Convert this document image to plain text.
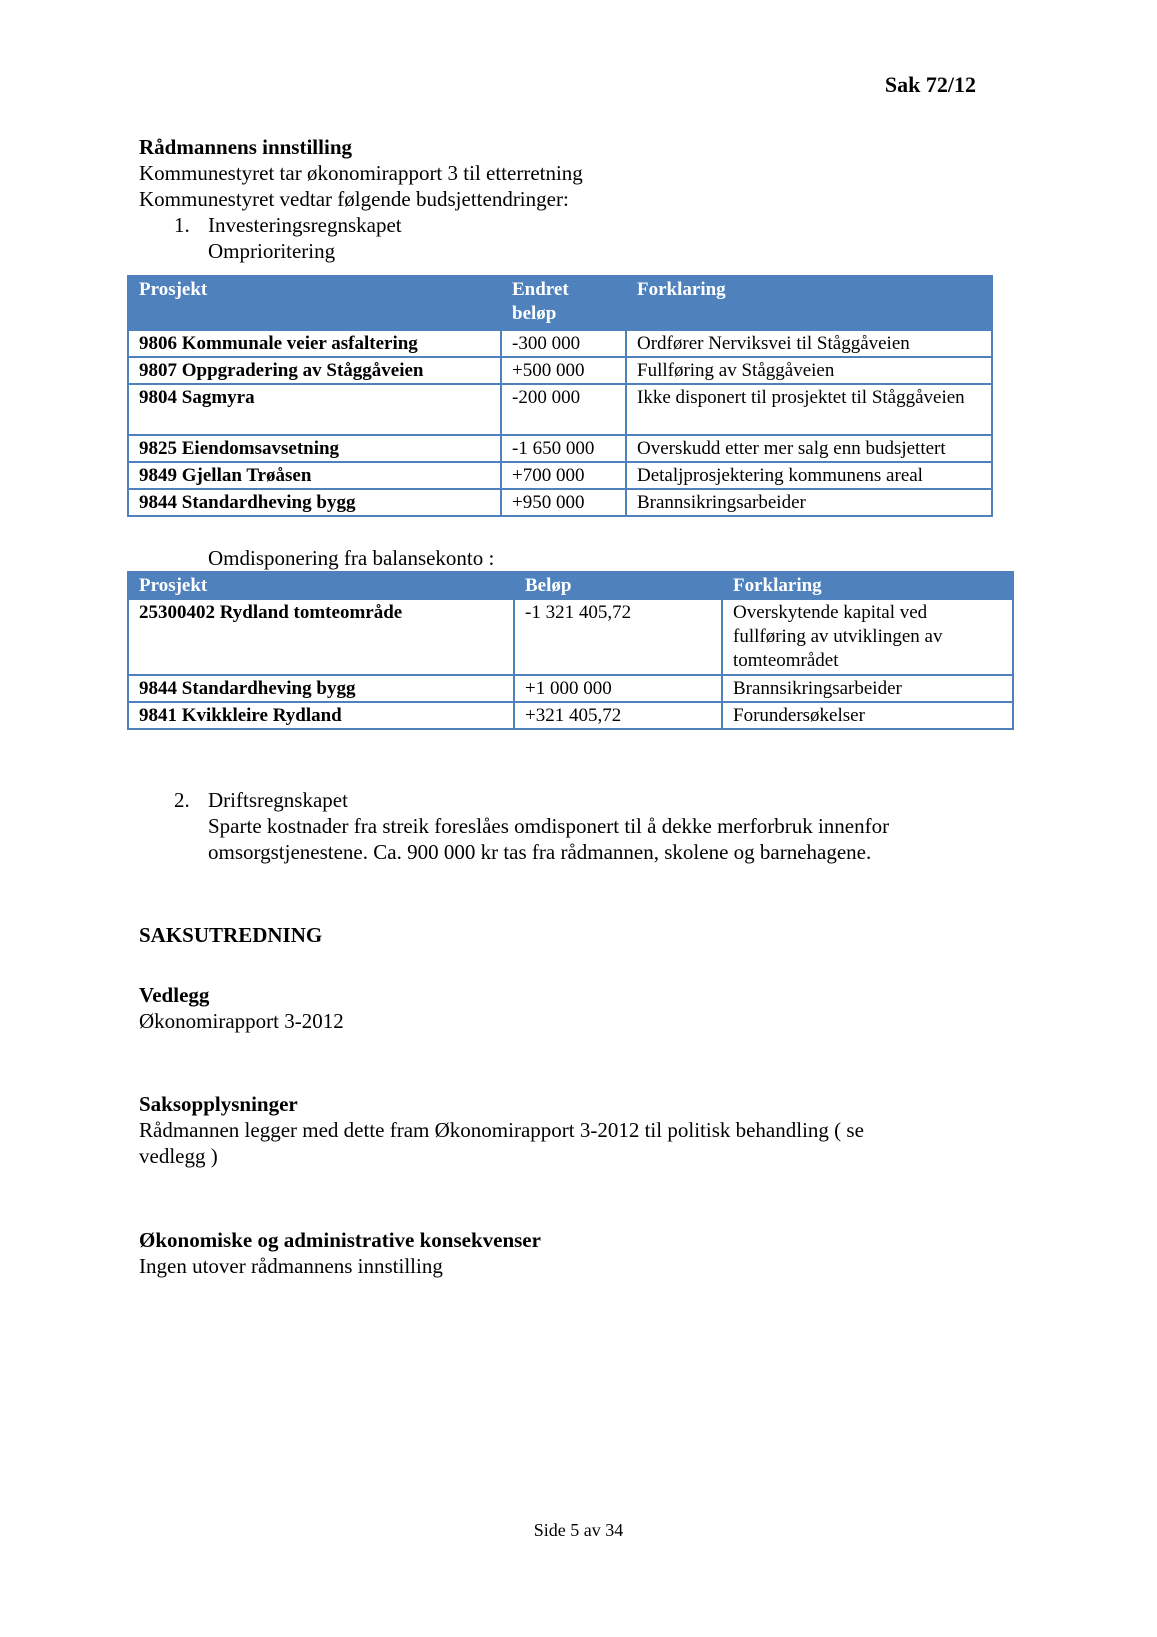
Sak 72/12
Rådmannens innstilling
Kommunestyret tar økonomirapport 3 til etterretning
Kommunestyret vedtar følgende budsjettendringer:
1. Investeringsregnskapet
Omprioritering
Prosjekt	Endret beløp	Forklaring
9806 Kommunale veier asfaltering	-300 000	Ordfører Nerviksvei til Ståggåveien
9807 Oppgradering av Ståggåveien	+500 000	Fullføring av Ståggåveien
9804 Sagmyra	-200 000	Ikke disponert til prosjektet til Ståggåveien
9825 Eiendomsavsetning	-1 650 000	Overskudd etter mer salg enn budsjettert
9849 Gjellan Trøåsen	+700 000	Detaljprosjektering kommunens areal
9844 Standardheving bygg	+950 000	Brannsikringsarbeider
Omdisponering fra balansekonto :
Prosjekt	Beløp	Forklaring
25300402 Rydland tomteområde	-1 321 405,72	Overskytende kapital ved fullføring av utviklingen av tomteområdet
9844 Standardheving bygg	+1 000 000	Brannsikringsarbeider
9841 Kvikkleire Rydland	+321 405,72	Forundersøkelser
2. Driftsregnskapet
Sparte kostnader fra streik foreslåes omdisponert til å dekke merforbruk innenfor
omsorgstjenestene. Ca. 900 000 kr tas fra rådmannen, skolene og barnehagene.
SAKSUTREDNING
Vedlegg
Økonomirapport 3-2012
Saksopplysninger
Rådmannen legger med dette fram Økonomirapport 3-2012 til politisk behandling ( se
vedlegg )
Økonomiske og administrative konsekvenser
Ingen utover rådmannens innstilling
Side 5 av 34
